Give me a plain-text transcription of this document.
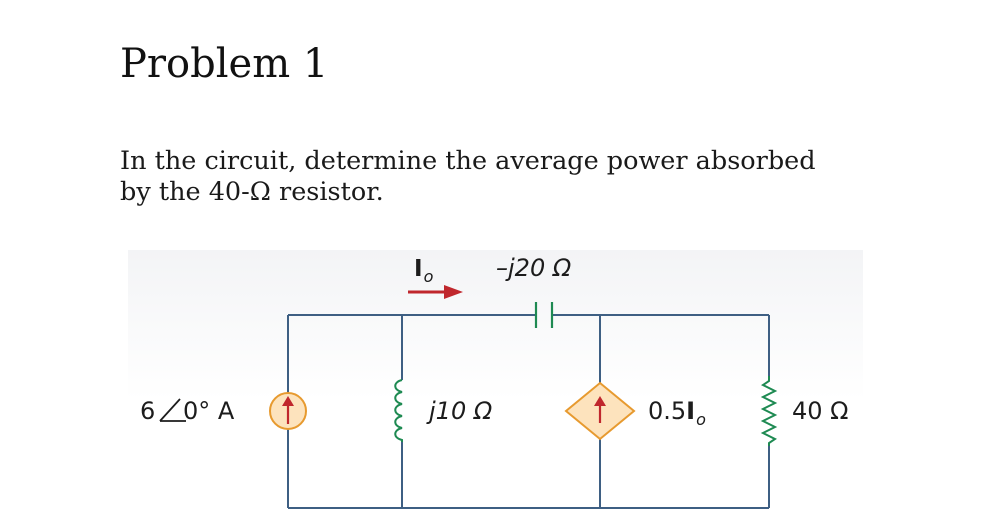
Problem 1
In the circuit, determine the average power absorbed
by the 40-Ω resistor.
$I_o$	–j20 Ω
6 0° A	j10 Ω	$0.5I_o$	40 Ω
